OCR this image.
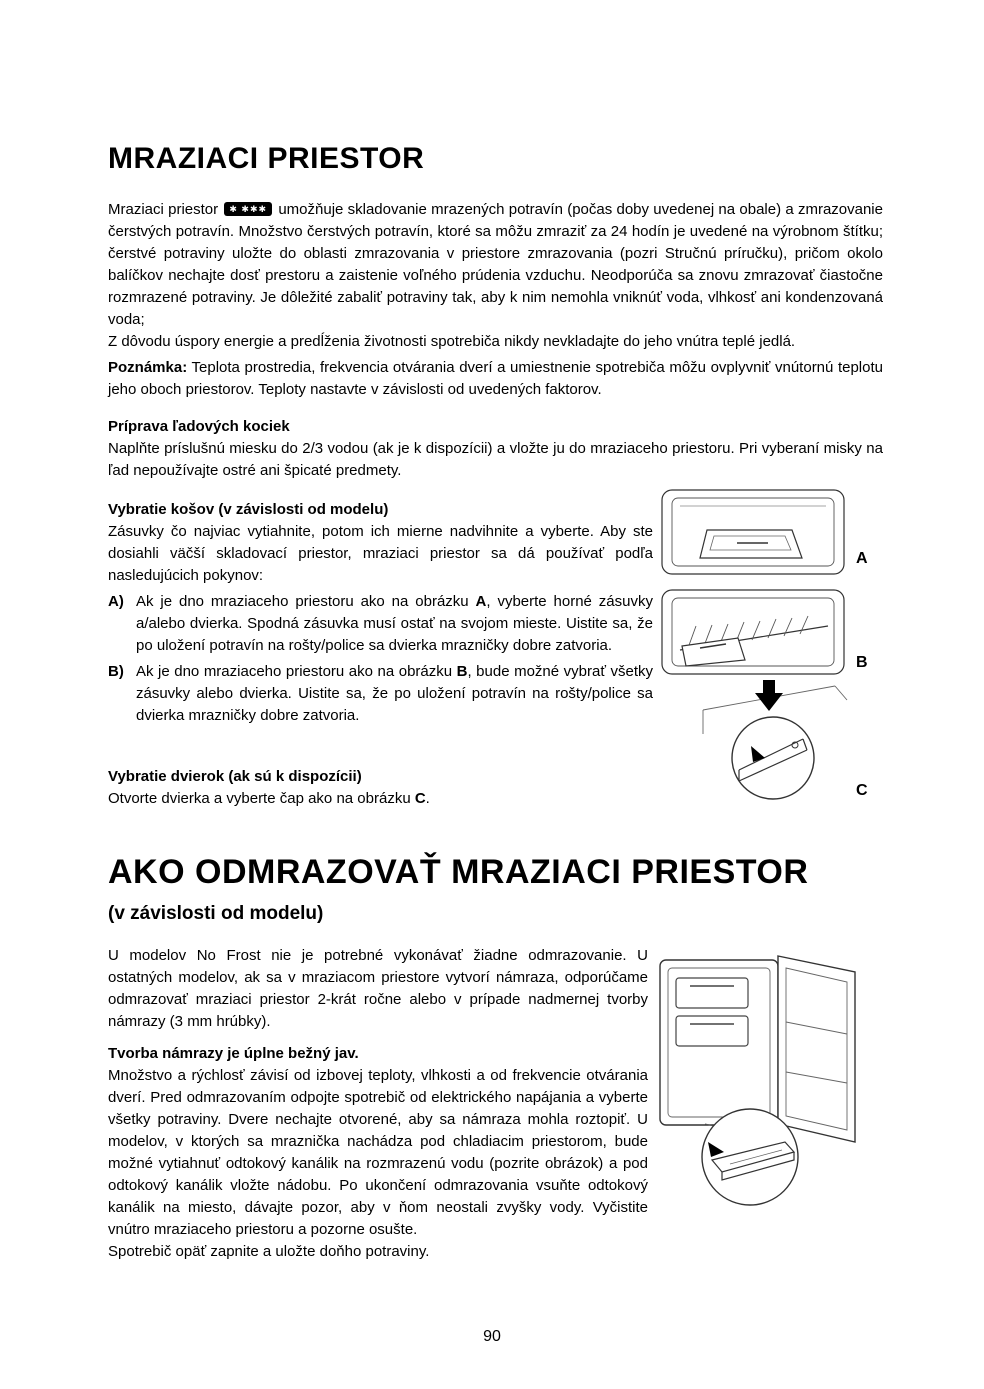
MRAZIACI PRIESTOR

Mraziaci priestor ✱ ✱✱✱ umožňuje skladovanie mrazených potravín (počas doby uvedenej na obale) a zmrazovanie čerstvých potravín. Množstvo čerstvých potravín, ktoré sa môžu zmraziť za 24 hodín je uvedené na výrobnom štítku; čerstvé potraviny uložte do oblasti zmrazovania v priestore zmrazovania (pozri Stručnú príručku), pričom okolo balíčkov nechajte dosť prestoru a zaistenie voľného prúdenia vzduchu. Neodporúča sa znovu zmrazovať čiastočne rozmrazené potraviny. Je dôležité zabaliť potraviny tak, aby k nim nemohla vniknúť voda, vlhkosť ani kondenzovaná voda;

Z dôvodu úspory energie a predĺženia životnosti spotrebiča nikdy nevkladajte do jeho vnútra teplé jedlá.

Poznámka: Teplota prostredia, frekvencia otvárania dverí a umiestnenie spotrebiča môžu ovplyvniť vnútornú teplotu jeho oboch priestorov. Teploty nastavte v závislosti od uvedených faktorov.
Príprava ľadových kociek
Naplňte príslušnú miesku do 2/3 vodou (ak je k dispozícii) a vložte ju do mraziaceho priestoru. Pri vyberaní misky na ľad nepoužívajte ostré ani špicaté predmety.
Vybratie košov (v závislosti od modelu)
Zásuvky čo najviac vytiahnite, potom ich mierne nadvihnite a vyberte. Aby ste dosiahli väčší skladovací priestor, mraziaci priestor sa dá používať podľa nasledujúcich pokynov:
A) Ak je dno mraziaceho priestoru ako na obrázku A, vyberte horné zásuvky a/alebo dvierka. Spodná zásuvka musí ostať na svojom mieste. Uistite sa, že po uložení potravín na rošty/police sa dvierka mrazničky dobre zatvoria.
B) Ak je dno mraziaceho priestoru ako na obrázku B, bude možné vybrať všetky zásuvky alebo dvierka. Uistite sa, že po uložení potravín na rošty/police sa dvierka mrazničky dobre zatvoria.
Vybratie dvierok (ak sú k dispozícii)
Otvorte dvierka a vyberte čap ako na obrázku C.
A
B
C
AKO ODMRAZOVAŤ MRAZIACI PRIESTOR
(v závislosti od modelu)
U modelov No Frost nie je potrebné vykonávať žiadne odmrazovanie. U ostatných modelov, ak sa v mraziacom priestore vytvorí námraza, odporúčame odmrazovať mraziaci priestor 2-krát ročne alebo v prípade nadmernej tvorby námrazy (3 mm hrúbky).
Tvorba námrazy je úplne bežný jav.
Množstvo a rýchlosť závisí od izbovej teploty, vlhkosti a od frekvencie otvárania dverí. Pred odmrazovaním odpojte spotrebič od elektrického napájania a vyberte všetky potraviny. Dvere nechajte otvorené, aby sa námraza mohla roztopiť. U modelov, v ktorých sa mraznička nachádza pod chladiacim priestorom, bude možné vytiahnuť odtokový kanálik na rozmrazenú vodu (pozrite obrázok) a pod odtokový kanálik vložte nádobu. Po ukončení odmrazovania vsuňte odtokový kanálik na miesto, dávajte pozor, aby v ňom neostali zvyšky vody. Vyčistite vnútro mraziaceho priestoru a pozorne osušte.
Spotrebič opäť zapnite a uložte doňho potraviny.
90
